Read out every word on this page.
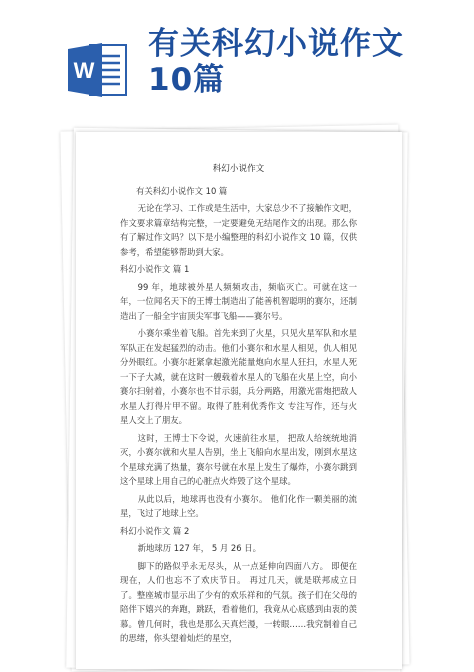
W
有关科幻小说作文
10篇
科幻小说作文

有关科幻小说作文 10 篇

无论在学习、工作或是生活中，大家总少不了接触作文吧，作文要求篇章结构完整，一定要避免无结尾作文的出现。那么你有了解过作文吗？以下是小编整理的科幻小说作文 10 篇，仅供参考，希望能够帮助到大家。

科幻小说作文 篇 1

99 年，地球被外星人频频攻击，频临灭亡。可就在这一年，一位闻名天下的王博士制造出了能善机智聪明的赛尔，还制造出了一船全宇宙顶尖军事飞船——赛尔号。

小赛尔乘坐着飞船。首先来到了火星，只见火星军队和水星军队正在发起猛烈的动击。他们小赛尔和水星人相见，仇人相见分外眼红。小赛尔赶紧拿起激光能量炮向水星人狂扫，水星人死一下子大减，就在这时一艘载着水星人的飞船在火星上空，向小赛尔扫射着，小赛尔也不甘示弱，兵分两路，用激光雷炮把敌人水星人打得片甲不留。取得了胜利优秀作文 专注写作，还与火星人交上了朋友。

这时，王博士下令说，火速前往水星， 把敌人给统统地消灭，小赛尔就和火星人告别，坐上飞船向水星出发，刚到水星这个星球充满了热量，赛尔号就在水星上发生了爆炸，小赛尔跳到这个星球上用自己的心脏点火炸毁了这个星球。

从此以后，地球再也没有小赛尔。 他们化作一颗美丽的流星，飞过了地球上空。

科幻小说作文 篇 2

新地球历 127 年， 5 月 26 日。

脚下的路似乎永无尽头，从一点延伸向四面八方。 即便在现在，人们也忘不了欢庆节日。 再过几天，就是联邦成立日了。整座城市显示出了少有的欢乐祥和的气氛。孩子们在父母的陪伴下嬉兴的奔跑，跳跃，看着他们，我竟从心底感到由衷的羡慕。曾几何时，我也是那么天真烂漫，一转眼……我究制着自己的思绪，你头望着灿烂的星空，
